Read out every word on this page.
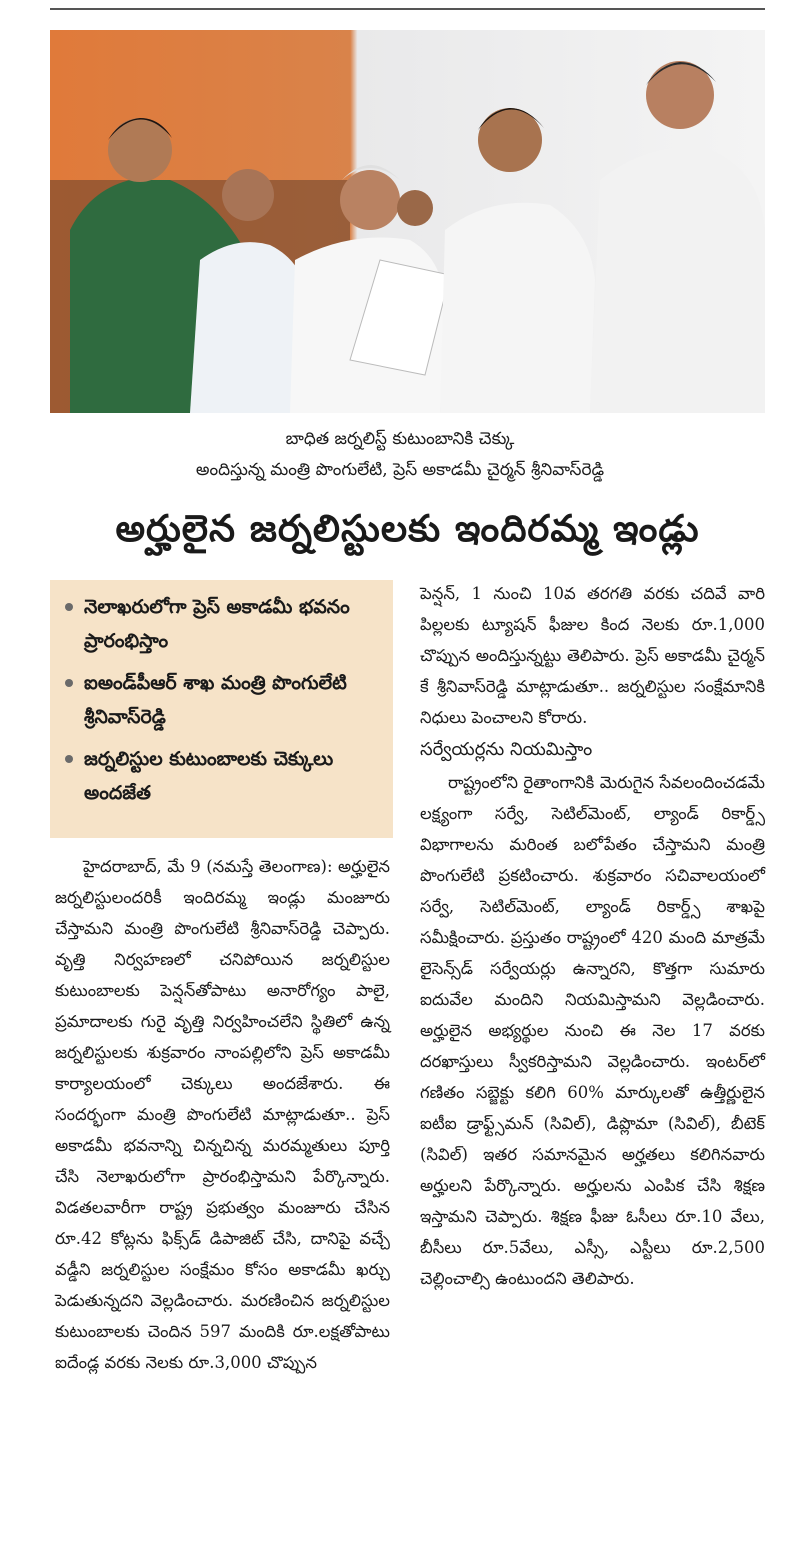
బాధిత జర్నలిస్ట్ కుటుంబానికి చెక్కు
అందిస్తున్న మంత్రి పొంగులేటి, ప్రెస్ అకాడమీ చైర్మన్ శ్రీనివాస్‌రెడ్డి
అర్హులైన జర్నలిస్టులకు ఇందిరమ్మ ఇండ్లు
నెలాఖరులోగా ప్రెస్ అకాడమీ భవనం ప్రారంభిస్తాం
ఐఅండ్‌పీఆర్ శాఖ మంత్రి పొంగులేటి శ్రీనివాస్‌రెడ్డి
జర్నలిస్టుల కుటుంబాలకు చెక్కులు అందజేత

హైదరాబాద్, మే 9 (నమస్తే తెలంగాణ): అర్హులైన జర్నలిస్టులందరికీ ఇందిరమ్మ ఇండ్లు మంజూరు చేస్తామని మంత్రి పొంగులేటి శ్రీనివాస్‌రెడ్డి చెప్పారు. వృత్తి నిర్వహణలో చనిపోయిన జర్నలిస్టుల కుటుంబాలకు పెన్షన్‌తోపాటు అనారోగ్యం పాలై, ప్రమాదాలకు గురై వృత్తి నిర్వహించలేని స్థితిలో ఉన్న జర్నలిస్టులకు శుక్రవారం నాంపల్లిలోని ప్రెస్ అకాడమీ కార్యాలయంలో చెక్కులు అందజేశారు. ఈ సందర్భంగా మంత్రి పొంగులేటి మాట్లాడుతూ.. ప్రెస్ అకాడమీ భవనాన్ని చిన్నచిన్న మరమ్మతులు పూర్తి చేసి నెలాఖరులోగా ప్రారంభిస్తామని పేర్కొన్నారు. విడతలవారీగా రాష్ట్ర ప్రభుత్వం మంజూరు చేసిన రూ.42 కోట్లను ఫిక్స్‌డ్ డిపాజిట్ చేసి, దానిపై వచ్చే వడ్డీని జర్నలిస్టుల సంక్షేమం కోసం అకాడమీ ఖర్చు పెడుతున్నదని వెల్లడించారు. మరణించిన జర్నలిస్టుల కుటుంబాలకు చెందిన 597 మందికి రూ.లక్షతోపాటు ఐదేండ్ల వరకు నెలకు రూ.3,000 చొప్పున

పెన్షన్, 1 నుంచి 10వ తరగతి వరకు చదివే వారి పిల్లలకు ట్యూషన్ ఫీజుల కింద నెలకు రూ.1,000 చొప్పున అందిస్తున్నట్టు తెలిపారు. ప్రెస్ అకాడమీ చైర్మన్ కే శ్రీనివాస్‌రెడ్డి మాట్లాడుతూ.. జర్నలిస్టుల సంక్షేమానికి నిధులు పెంచాలని కోరారు.

సర్వేయర్లను నియమిస్తాం

రాష్ట్రంలోని రైతాంగానికి మెరుగైన సేవలందించడమే లక్ష్యంగా సర్వే, సెటిల్‌మెంట్, ల్యాండ్ రికార్డ్స్ విభాగాలను మరింత బలోపేతం చేస్తామని మంత్రి పొంగులేటి ప్రకటించారు. శుక్రవారం సచివాలయంలో సర్వే, సెటిల్‌మెంట్, ల్యాండ్ రికార్డ్స్ శాఖపై సమీక్షించారు. ప్రస్తుతం రాష్ట్రంలో 420 మంది మాత్రమే లైసెన్స్‌డ్ సర్వేయర్లు ఉన్నారని, కొత్తగా సుమారు ఐదువేల మందిని నియమిస్తామని వెల్లడించారు. అర్హులైన అభ్యర్థుల నుంచి ఈ నెల 17 వరకు దరఖాస్తులు స్వీకరిస్తామని వెల్లడించారు. ఇంటర్‌లో గణితం సబ్జెక్టు కలిగి 60% మార్కులతో ఉత్తీర్ణులైన ఐటీఐ డ్రాఫ్ట్స్‌మన్ (సివిల్), డిప్లొమా (సివిల్), బీటెక్ (సివిల్) ఇతర సమానమైన అర్హతలు కలిగినవారు అర్హులని పేర్కొన్నారు. అర్హులను ఎంపిక చేసి శిక్షణ ఇస్తామని చెప్పారు. శిక్షణ ఫీజు ఓసీలు రూ.10 వేలు, బీసీలు రూ.5వేలు, ఎస్సీ, ఎస్టీలు రూ.2,500 చెల్లించాల్సి ఉంటుందని తెలిపారు.
